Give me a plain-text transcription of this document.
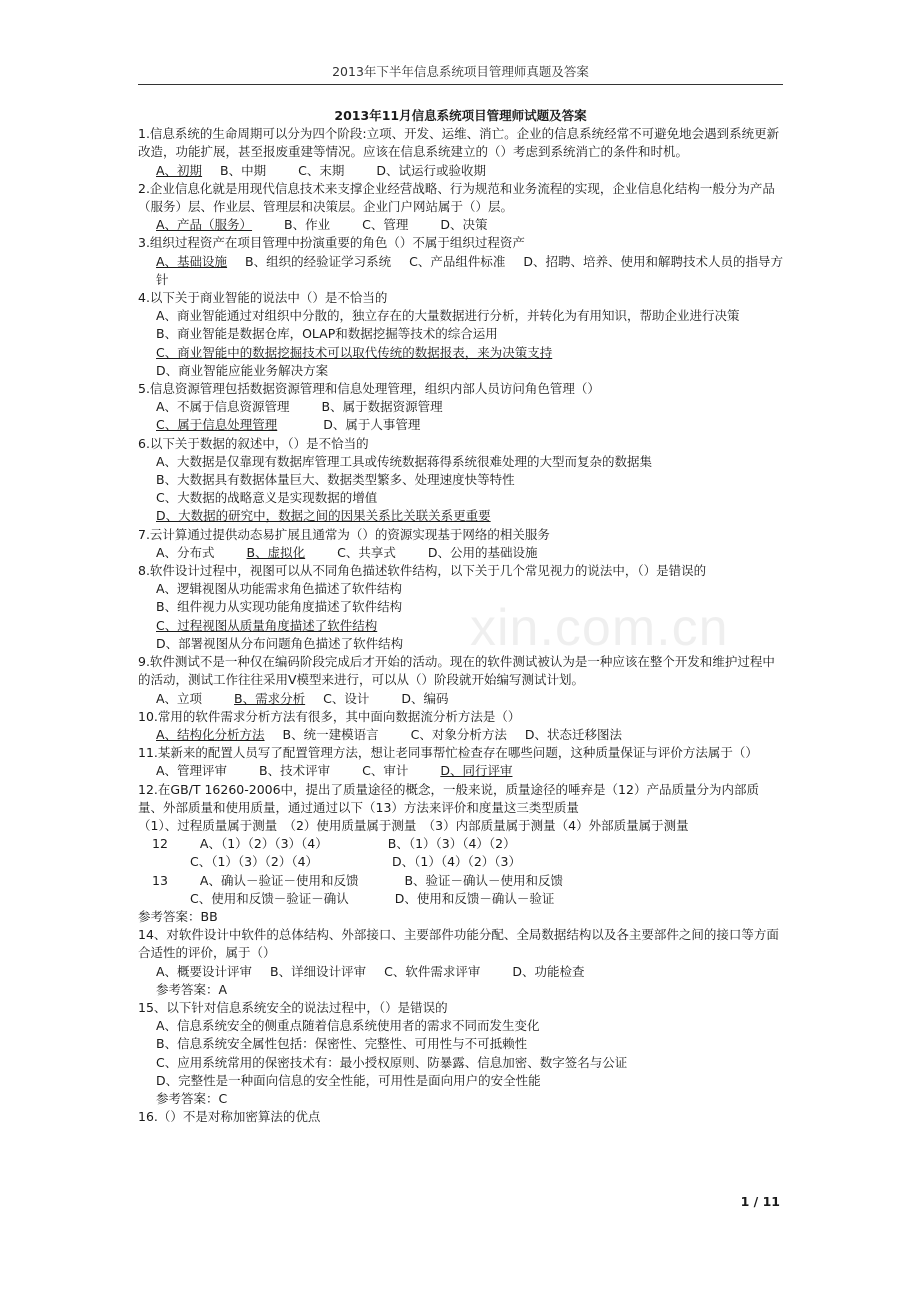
2013年下半年信息系统项目管理师真题及答案
xin.com.cn
2013年11月信息系统项目管理师试题及答案
1.信息系统的生命周期可以分为四个阶段:立项、开发、运维、消亡。企业的信息系统经常不可避免地会遇到系统更新改造，功能扩展，甚至报废重建等情况。应该在信息系统建立的（）考虑到系统消亡的条件和时机。
A、初期 B、中期	C、末期	D、试运行或验收期
2.企业信息化就是用现代信息技术来支撑企业经营战略、行为规范和业务流程的实现，企业信息化结构一般分为产品（服务）层、作业层、管理层和决策层。企业门户网站属于（）层。
A、产品（服务）	B、作业	C、管理	D、决策
3.组织过程资产在项目管理中扮演重要的角色（）不属于组织过程资产
A、基础设施 B、组织的经验证学习系统 C、产品组件标准 D、招聘、培养、使用和解聘技术人员的指导方针
4.以下关于商业智能的说法中（）是不恰当的
A、商业智能通过对组织中分散的，独立存在的大量数据进行分析，并转化为有用知识，帮助企业进行决策
B、商业智能是数据仓库，OLAP和数据挖掘等技术的综合运用
C、商业智能中的数据挖掘技术可以取代传统的数据报表，来为决策支持
D、商业智能应能业务解决方案
5.信息资源管理包括数据资源管理和信息处理管理，组织内部人员访问角色管理（）
A、不属于信息资源管理	B、属于数据资源管理
C、属于信息处理管理	D、属于人事管理
6.以下关于数据的叙述中，（）是不恰当的
A、大数据是仅靠现有数据库管理工具或传统数据蒋得系统很难处理的大型而复杂的数据集
B、大数据具有数据体量巨大、数据类型繁多、处理速度快等特性
C、大数据的战略意义是实现数据的增值
D、大数据的研究中，数据之间的因果关系比关联关系更重要
7.云计算通过提供动态易扩展且通常为（）的资源实现基于网络的相关服务
A、分布式	B、虚拟化	C、共享式	D、公用的基础设施
8.软件设计过程中，视图可以从不同角色描述软件结构，以下关于几个常见视力的说法中，（）是错误的
A、逻辑视图从功能需求角色描述了软件结构
B、组件视力从实现功能角度描述了软件结构
C、过程视图从质量角度描述了软件结构
D、部署视图从分布问题角色描述了软件结构
9.软件测试不是一种仅在编码阶段完成后才开始的活动。现在的软件测试被认为是一种应该在整个开发和维护过程中的活动，测试工作往往采用V模型来进行，可以从（）阶段就开始编写测试计划。
A、立项	B、需求分析 C、设计	D、编码
10.常用的软件需求分析方法有很多，其中面向数据流分析方法是（）
A、结构化分析方法 B、统一建模语言	C、对象分析方法 D、状态迁移图法
11.某新来的配置人员写了配置管理方法，想让老同事帮忙检查存在哪些问题，这种质量保证与评价方法属于（）
A、管理评审	B、技术评审	C、审计	D、同行评审
12.在GB/T 16260-2006中，提出了质量途径的概念，一般来说，质量途径的唾弃是（12）产品质量分为内部质量、外部质量和使用质量，通过通过以下（13）方法来评价和度量这三类型质量
（1）、过程质量属于测量　（2）使用质量属于测量　（3）内部质量属于测量（4）外部质量属于测量
12	A、（1）（2）（3）（4）	B、（1）（3）（4）（2）
C、（1）（3）（2）（4）	D、（1）（4）（2）（3）
13	A、确认－验证－使用和反馈	B、验证－确认－使用和反馈
C、使用和反馈－验证－确认	D、使用和反馈－确认－验证
参考答案：BB
14、对软件设计中软件的总体结构、外部接口、主要部件功能分配、全局数据结构以及各主要部件之间的接口等方面合适性的评价，属于（）
A、概要设计评审 B、详细设计评审 C、软件需求评审	D、功能检查
参考答案：A
15、以下针对信息系统安全的说法过程中，（）是错误的
A、信息系统安全的侧重点随着信息系统使用者的需求不同而发生变化
B、信息系统安全属性包括：保密性、完整性、可用性与不可抵赖性
C、应用系统常用的保密技术有：最小授权原则、防暴露、信息加密、数字签名与公证
D、完整性是一种面向信息的安全性能，可用性是面向用户的安全性能
参考答案：C
16.（）不是对称加密算法的优点
1 / 11
